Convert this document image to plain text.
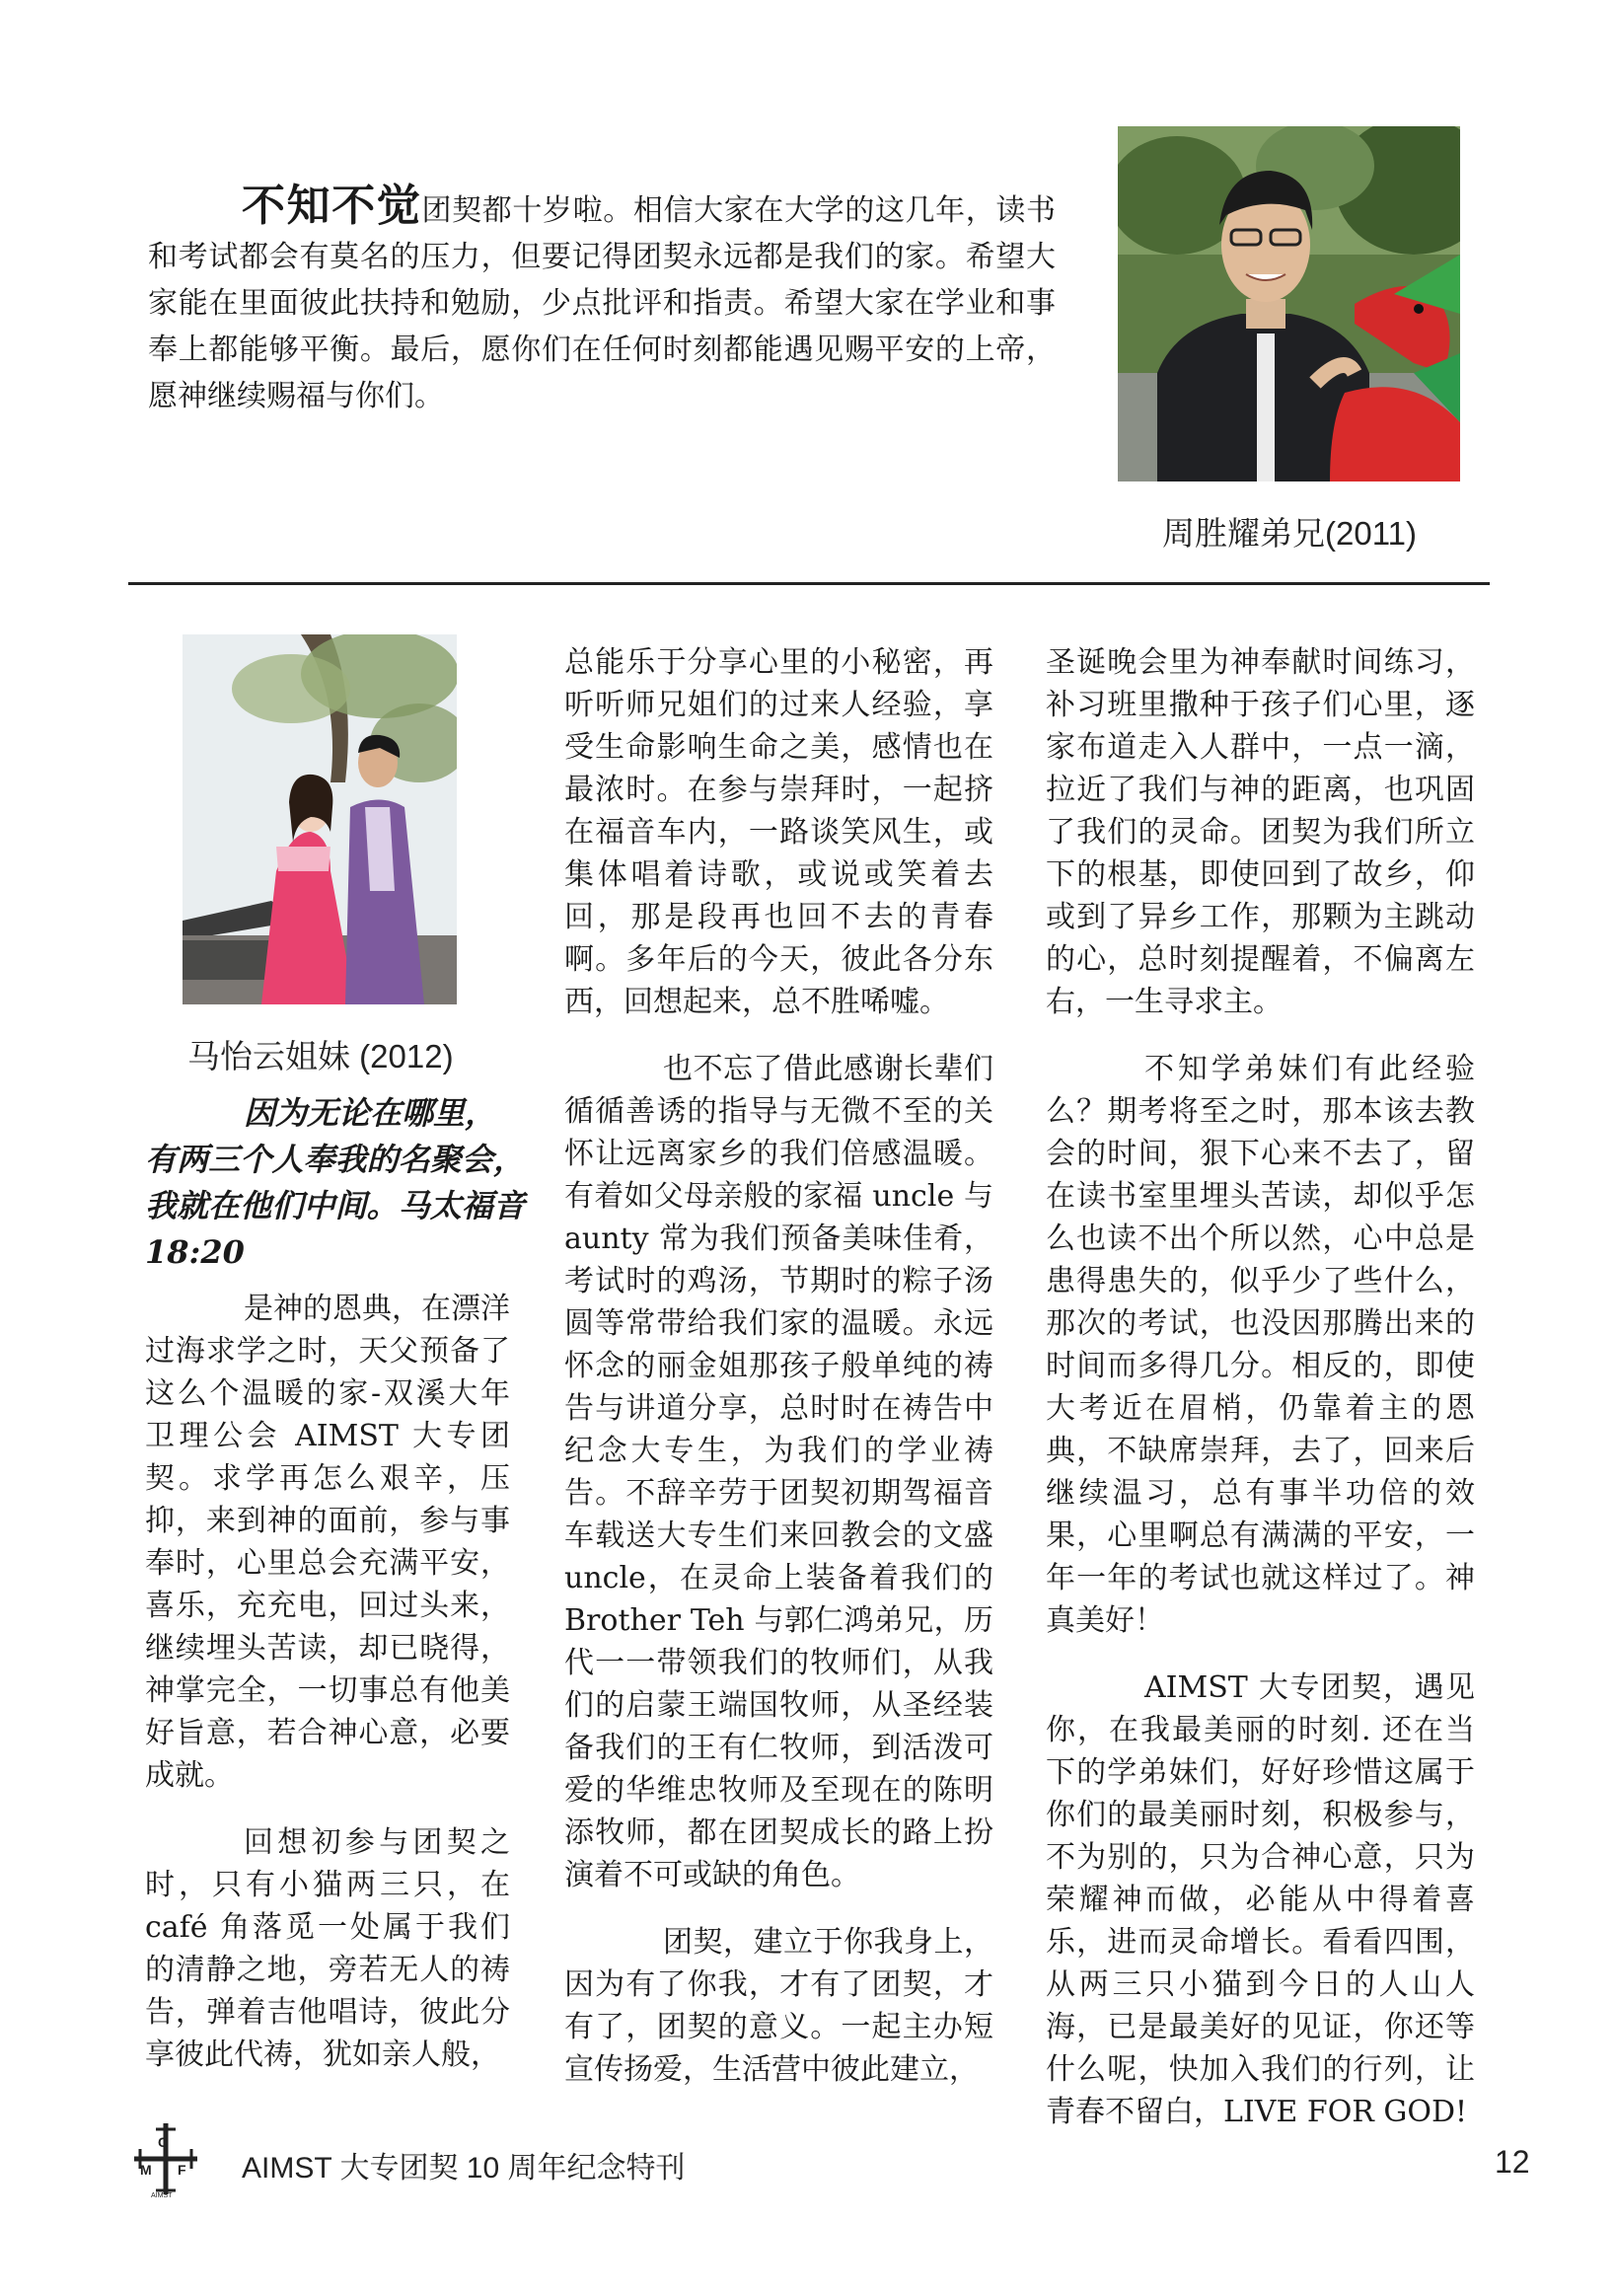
不知不觉团契都十岁啦。相信大家在大学的这几年，读书和考试都会有莫名的压力，但要记得团契永远都是我们的家。希望大家能在里面彼此扶持和勉励，少点批评和指责。希望大家在学业和事奉上都能够平衡。最后，愿你们在任何时刻都能遇见赐平安的上帝，愿神继续赐福与你们。
周胜耀弟兄(2011)
马怡云姐妹 (2012)
因为无论在哪里，
有两三个人奉我的名聚会，我就在他们中间。马太福音 18:20

是神的恩典，在漂洋过海求学之时，天父预备了这么个温暖的家-双溪大年卫理公会 AIMST 大专团契。求学再怎么艰辛，压抑，来到神的面前，参与事奉时，心里总会充满平安，喜乐，充充电，回过头来，继续埋头苦读，却已晓得，神掌完全，一切事总有他美好旨意，若合神心意，必要成就。

回想初参与团契之时，只有小猫两三只，在 café 角落觅一处属于我们的清静之地，旁若无人的祷告，弹着吉他唱诗，彼此分享彼此代祷，犹如亲人般，

总能乐于分享心里的小秘密，再听听师兄姐们的过来人经验，享受生命影响生命之美，感情也在最浓时。在参与崇拜时，一起挤在福音车内，一路谈笑风生，或集体唱着诗歌，或说或笑着去回，那是段再也回不去的青春啊。多年后的今天，彼此各分东西，回想起来，总不胜唏嘘。

也不忘了借此感谢长辈们循循善诱的指导与无微不至的关怀让远离家乡的我们倍感温暖。有着如父母亲般的家福 uncle 与 aunty 常为我们预备美味佳肴，考试时的鸡汤，节期时的粽子汤圆等常带给我们家的温暖。永远怀念的丽金姐那孩子般单纯的祷告与讲道分享，总时时在祷告中纪念大专生，为我们的学业祷告。不辞辛劳于团契初期驾福音车载送大专生们来回教会的文盛 uncle，在灵命上装备着我们的 Brother Teh 与郭仁鸿弟兄，历代一一带领我们的牧师们，从我们的启蒙王端国牧师，从圣经装备我们的王有仁牧师，到活泼可爱的华维忠牧师及至现在的陈明添牧师，都在团契成长的路上扮演着不可或缺的角色。

团契，建立于你我身上，因为有了你我，才有了团契，才有了，团契的意义。一起主办短宣传扬爱，生活营中彼此建立，

圣诞晚会里为神奉献时间练习，补习班里撒种于孩子们心里，逐家布道走入人群中，一点一滴，拉近了我们与神的距离，也巩固了我们的灵命。团契为我们所立下的根基，即使回到了故乡，仰或到了异乡工作，那颗为主跳动的心，总时刻提醒着，不偏离左右，一生寻求主。

不知学弟妹们有此经验么？期考将至之时，那本该去教会的时间，狠下心来不去了，留在读书室里埋头苦读，却似乎怎么也读不出个所以然，心中总是患得患失的，似乎少了些什么，那次的考试，也没因那腾出来的时间而多得几分。相反的，即使大考近在眉梢，仍靠着主的恩典，不缺席崇拜，去了，回来后继续温习，总有事半功倍的效果，心里啊总有满满的平安，一年一年的考试也就这样过了。神真美好！

AIMST 大专团契，遇见你，在我最美丽的时刻. 还在当下的学弟妹们，好好珍惜这属于你们的最美丽时刻，积极参与，不为别的，只为合神心意，只为荣耀神而做，必能从中得着喜乐，进而灵命增长。看看四围，从两三只小猫到今日的人山人海，已是最美好的见证，你还等什么呢，快加入我们的行列，让青春不留白，LIVE FOR GOD!

C
M F
AIMST
AIMST 大专团契 10 周年纪念特刊	12
